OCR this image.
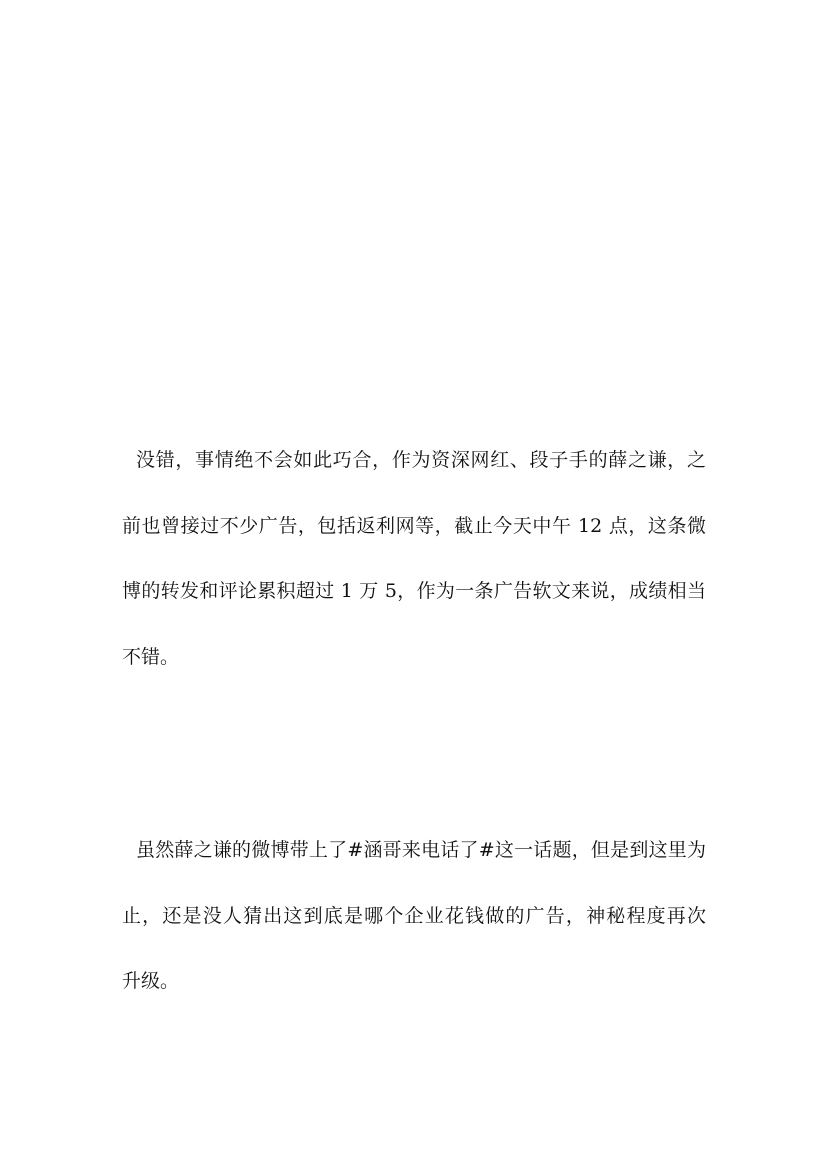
没错，事情绝不会如此巧合，作为资深网红、段子手的薛之谦，之
前也曾接过不少广告，包括返利网等，截止今天中午 12 点，这条微
博的转发和评论累积超过 1 万 5，作为一条广告软文来说，成绩相当
不错。
虽然薛之谦的微博带上了#涵哥来电话了#这一话题，但是到这里为
止，还是没人猜出这到底是哪个企业花钱做的广告，神秘程度再次
升级。
